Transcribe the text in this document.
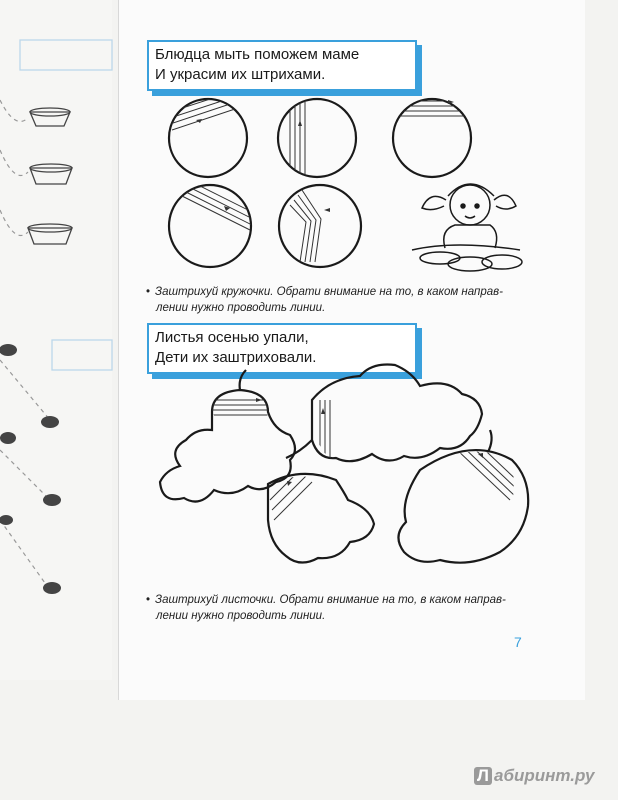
Блюдца мыть поможем маме
И украсим их штрихами.
• Заштрихуй кружочки. Обрати внимание на то, в каком направ-
лении нужно проводить линии.
Листья осенью упали,
Дети их заштриховали.
• Заштрихуй листочки. Обрати внимание на то, в каком направ-
лении нужно проводить линии.
7
Л абиринт.ру
